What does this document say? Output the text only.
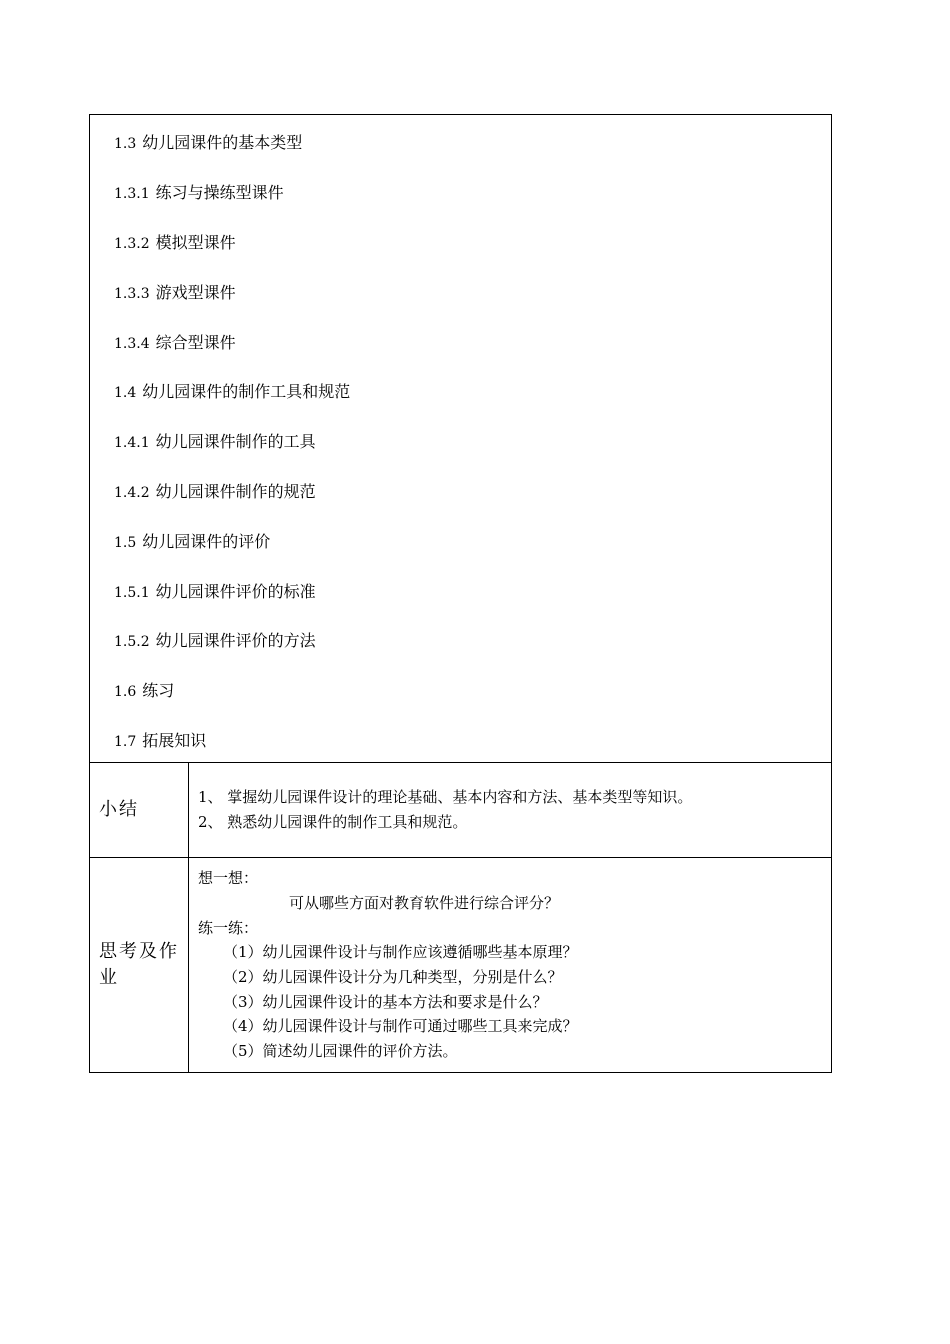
1.3 幼儿园课件的基本类型
1.3.1 练习与操练型课件
1.3.2 模拟型课件
1.3.3 游戏型课件
1.3.4 综合型课件
1.4 幼儿园课件的制作工具和规范
1.4.1 幼儿园课件制作的工具
1.4.2 幼儿园课件制作的规范
1.5 幼儿园课件的评价
1.5.1 幼儿园课件评价的标准
1.5.2 幼儿园课件评价的方法
1.6 练习
1.7 拓展知识
小结
1、 掌握幼儿园课件设计的理论基础、基本内容和方法、基本类型等知识。
2、 熟悉幼儿园课件的制作工具和规范。
思考及作业
想一想：
可从哪些方面对教育软件进行综合评分？
练一练：
（1）幼儿园课件设计与制作应该遵循哪些基本原理？
（2）幼儿园课件设计分为几种类型，分别是什么？
（3）幼儿园课件设计的基本方法和要求是什么？
（4）幼儿园课件设计与制作可通过哪些工具来完成？
（5）简述幼儿园课件的评价方法。
